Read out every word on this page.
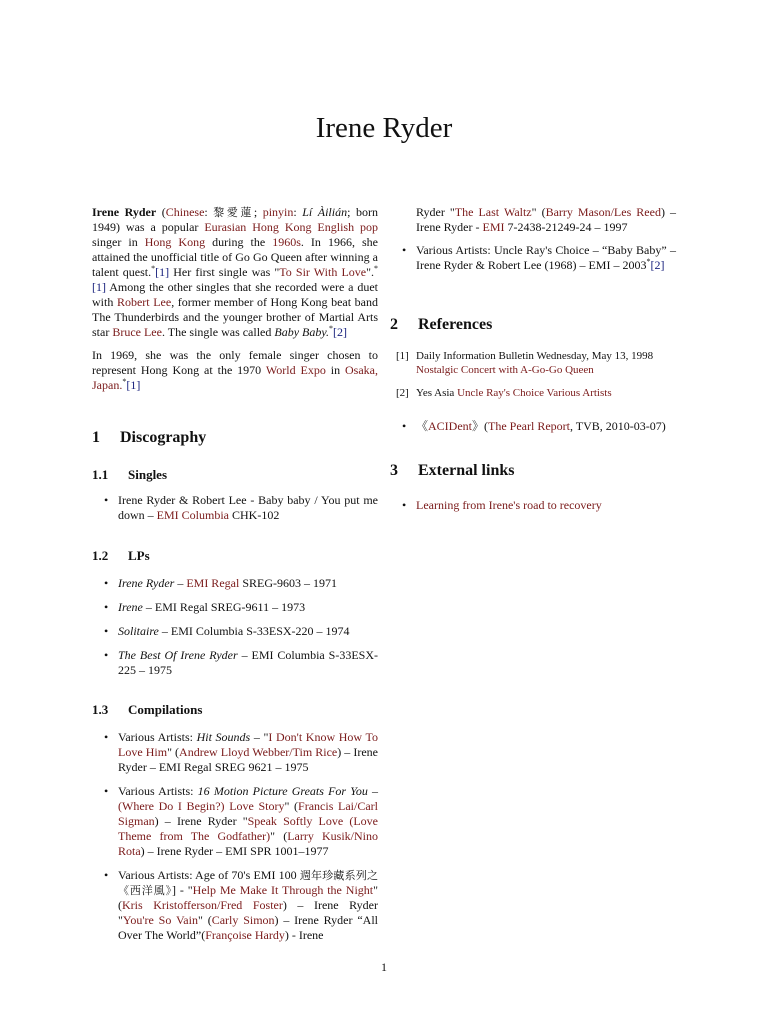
Irene Ryder

Irene Ryder (Chinese: 黎愛蓮; pinyin: Lí Àilián; born 1949) was a popular Eurasian Hong Kong English pop singer in Hong Kong during the 1960s. In 1966, she attained the unofficial title of Go Go Queen after winning a talent quest.*[1] Her first single was "To Sir With Love".*[1] Among the other singles that she recorded were a duet with Robert Lee, former member of Hong Kong beat band The Thunderbirds and the younger brother of Martial Arts star Bruce Lee. The single was called Baby Baby.*[2]

In 1969, she was the only female singer chosen to represent Hong Kong at the 1970 World Expo in Osaka, Japan.*[1]

1 Discography
1.1 Singles
• Irene Ryder & Robert Lee - Baby baby / You put me down – EMI Columbia CHK-102
1.2 LPs
• Irene Ryder – EMI Regal SREG-9603 – 1971
• Irene – EMI Regal SREG-9611 – 1973
• Solitaire – EMI Columbia S-33ESX-220 – 1974
• The Best Of Irene Ryder – EMI Columbia S-33ESX-225 – 1975
1.3 Compilations
• Various Artists: Hit Sounds – "I Don't Know How To Love Him" (Andrew Lloyd Webber/Tim Rice) – Irene Ryder – EMI Regal SREG 9621 – 1975
• Various Artists: 16 Motion Picture Greats For You – (Where Do I Begin?) Love Story" (Francis Lai/Carl Sigman) – Irene Ryder "Speak Softly Love (Love Theme from The Godfather)" (Larry Kusik/Nino Rota) – Irene Ryder – EMI SPR 1001–1977
• Various Artists: Age of 70's EMI 100 週年珍藏系列之《西洋風》] - "Help Me Make It Through the Night" (Kris Kristofferson/Fred Foster) – Irene Ryder "You're So Vain" (Carly Simon) – Irene Ryder “All Over The World”(Françoise Hardy) - Irene

Ryder "The Last Waltz" (Barry Mason/Les Reed) – Irene Ryder - EMI 7-2438-21249-24 – 1997

• Various Artists: Uncle Ray's Choice – “Baby Baby” – Irene Ryder & Robert Lee (1968) – EMI – 2003*[2]
2 References
[1] Daily Information Bulletin Wednesday, May 13, 1998
Nostalgic Concert with A-Go-Go Queen
[2] Yes Asia Uncle Ray's Choice Various Artists
• 《ACIDent》(The Pearl Report, TVB, 2010-03-07)
3 External links
• Learning from Irene's road to recovery
1
